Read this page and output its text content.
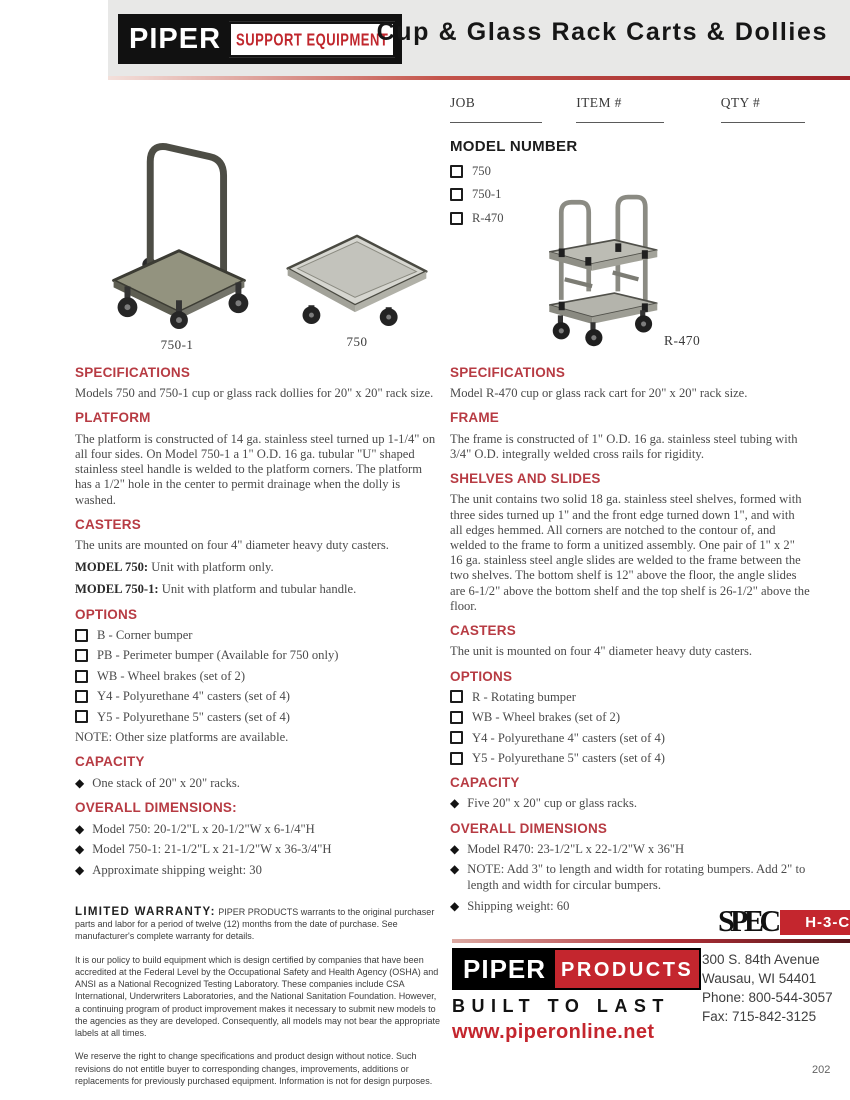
PIPER	SUPPORT EQUIPMENT
Cup & Glass Rack Carts & Dollies
750-1	750
JOB	ITEM #	QTY #
MODEL NUMBER
750
750-1
R-470
R-470
SPECIFICATIONS

Models 750 and 750-1 cup or glass rack dollies for 20" x 20" rack size.

PLATFORM

The platform is constructed of 14 ga. stainless steel turned up 1-1/4" on all four sides. On Model 750-1 a 1" O.D. 16 ga. tubular "U" shaped stainless steel handle is welded to the platform corners. The platform has a 1/2" hole in the center to permit drainage when the dolly is washed.

CASTERS

The units are mounted on four 4" diameter heavy duty casters.

MODEL 750: Unit with platform only.
MODEL 750-1: Unit with platform and tubular handle.
OPTIONS
B - Corner bumper
PB - Perimeter bumper (Available for 750 only)
WB - Wheel brakes (set of 2)
Y4 - Polyurethane 4" casters (set of 4)
Y5 - Polyurethane 5" casters (set of 4)
NOTE: Other size platforms are available.
CAPACITY
◆ One stack of 20" x 20" racks.
OVERALL DIMENSIONS:
◆ Model 750: 20-1/2"L x 20-1/2"W x 6-1/4"H
◆ Model 750-1: 21-1/2"L x 21-1/2"W x 36-3/4"H
◆ Approximate shipping weight: 30
SPECIFICATIONS

Model R-470 cup or glass rack cart for 20" x 20" rack size.

FRAME

The frame is constructed of 1" O.D. 16 ga. stainless steel tubing with 3/4" O.D. integrally welded cross rails for rigidity.

SHELVES AND SLIDES

The unit contains two solid 18 ga. stainless steel shelves, formed with three sides turned up 1" and the front edge turned down 1", and with all edges hemmed. All corners are notched to the contour of, and welded to the frame to form a unitized assembly. One pair of 1" x 2" 16 ga. stainless steel angle slides are welded to the frame between the two shelves. The bottom shelf is 12" above the floor, the angle slides are 6-1/2" above the bottom shelf and the top shelf is 26-1/2" above the floor.

CASTERS

The unit is mounted on four 4" diameter heavy duty casters.

OPTIONS
R - Rotating bumper
WB - Wheel brakes (set of 2)
Y4 - Polyurethane 4" casters (set of 4)
Y5 - Polyurethane 5" casters (set of 4)
CAPACITY
◆ Five 20" x 20" cup or glass racks.
OVERALL DIMENSIONS
◆ Model R470: 23-1/2"L x 22-1/2"W x 36"H
◆ NOTE: Add 3" to length and width for rotating bumpers. Add 2" to length and width for circular bumpers.
◆ Shipping weight: 60

LIMITED WARRANTY: PIPER PRODUCTS warrants to the original purchaser parts and labor for a period of twelve (12) months from the date of purchase. See manufacturer's complete warranty for details.

It is our policy to build equipment which is design certified by companies that have been accredited at the Federal Level by the Occupational Safety and Health Agency (OSHA) and ANSI as a National Recognized Testing Laboratory. These companies include CSA International, Underwriters Laboratories, and the National Sanitation Foundation. However, a continuing program of product improvement makes it necessary to submit new models to the agencies as they are developed. Consequently, all models may not bear the appropriate labels at all times.

We reserve the right to change specifications and product design without notice. Such revisions do not entitle buyer to corresponding changes, improvements, additions or replacements for previously purchased equipment. Information is not for design purposes.

SPEC	H-3-C
PIPER PRODUCTS
BUILT TO LAST
www.piperonline.net
300 S. 84th Avenue
Wausau, WI 54401
Phone: 800-544-3057
Fax: 715-842-3125
202
